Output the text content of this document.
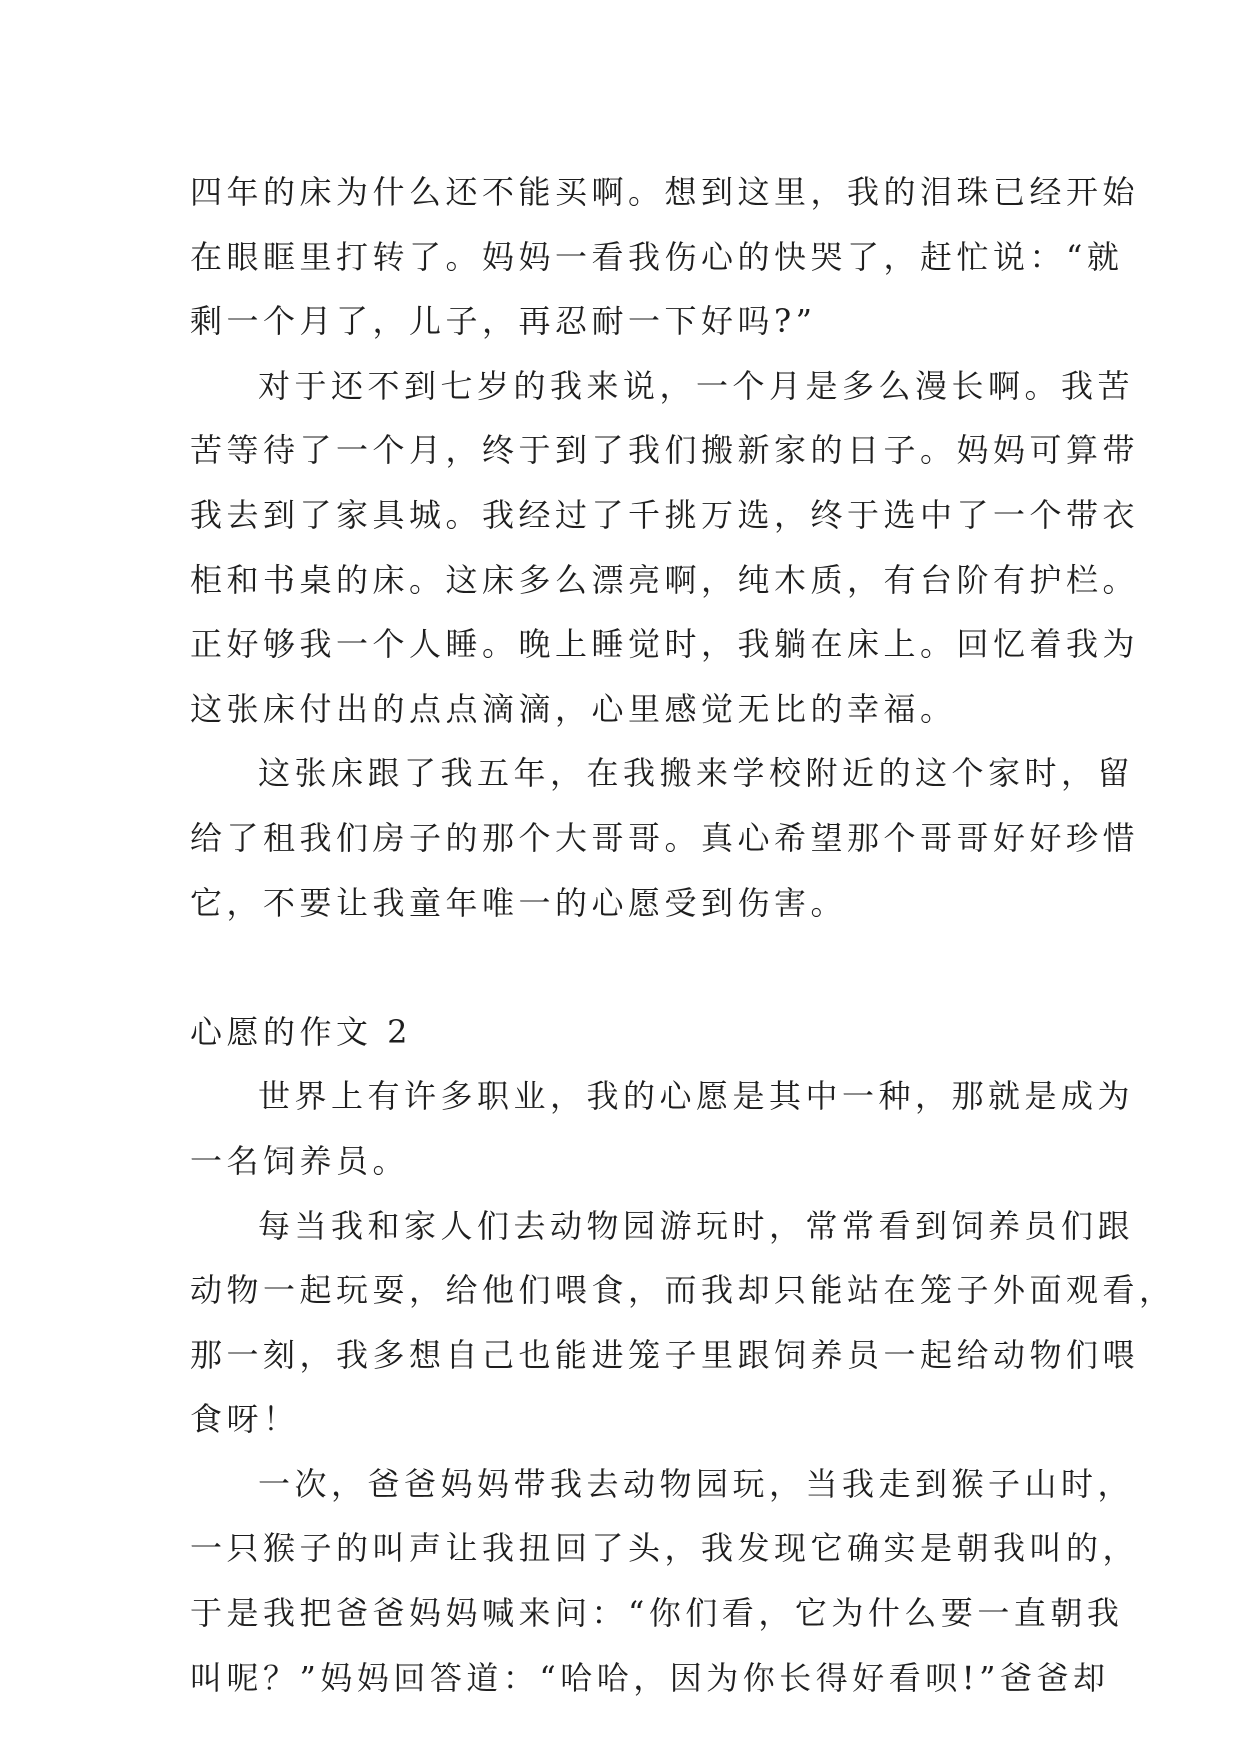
四年的床为什么还不能买啊。想到这里，我的泪珠已经开始
在眼眶里打转了。妈妈一看我伤心的快哭了，赶忙说：“就
剩一个月了，儿子，再忍耐一下好吗?”
对于还不到七岁的我来说，一个月是多么漫长啊。我苦
苦等待了一个月，终于到了我们搬新家的日子。妈妈可算带
我去到了家具城。我经过了千挑万选，终于选中了一个带衣
柜和书桌的床。这床多么漂亮啊，纯木质，有台阶有护栏。
正好够我一个人睡。晚上睡觉时，我躺在床上。回忆着我为
这张床付出的点点滴滴，心里感觉无比的幸福。
这张床跟了我五年，在我搬来学校附近的这个家时，留
给了租我们房子的那个大哥哥。真心希望那个哥哥好好珍惜
它，不要让我童年唯一的心愿受到伤害。
心愿的作文 2
世界上有许多职业，我的心愿是其中一种，那就是成为
一名饲养员。
每当我和家人们去动物园游玩时，常常看到饲养员们跟
动物一起玩耍，给他们喂食，而我却只能站在笼子外面观看，
那一刻，我多想自己也能进笼子里跟饲养员一起给动物们喂
食呀！
一次，爸爸妈妈带我去动物园玩，当我走到猴子山时，
一只猴子的叫声让我扭回了头，我发现它确实是朝我叫的，
于是我把爸爸妈妈喊来问：“你们看，它为什么要一直朝我
叫呢？”妈妈回答道：“哈哈，因为你长得好看呗!”爸爸却
